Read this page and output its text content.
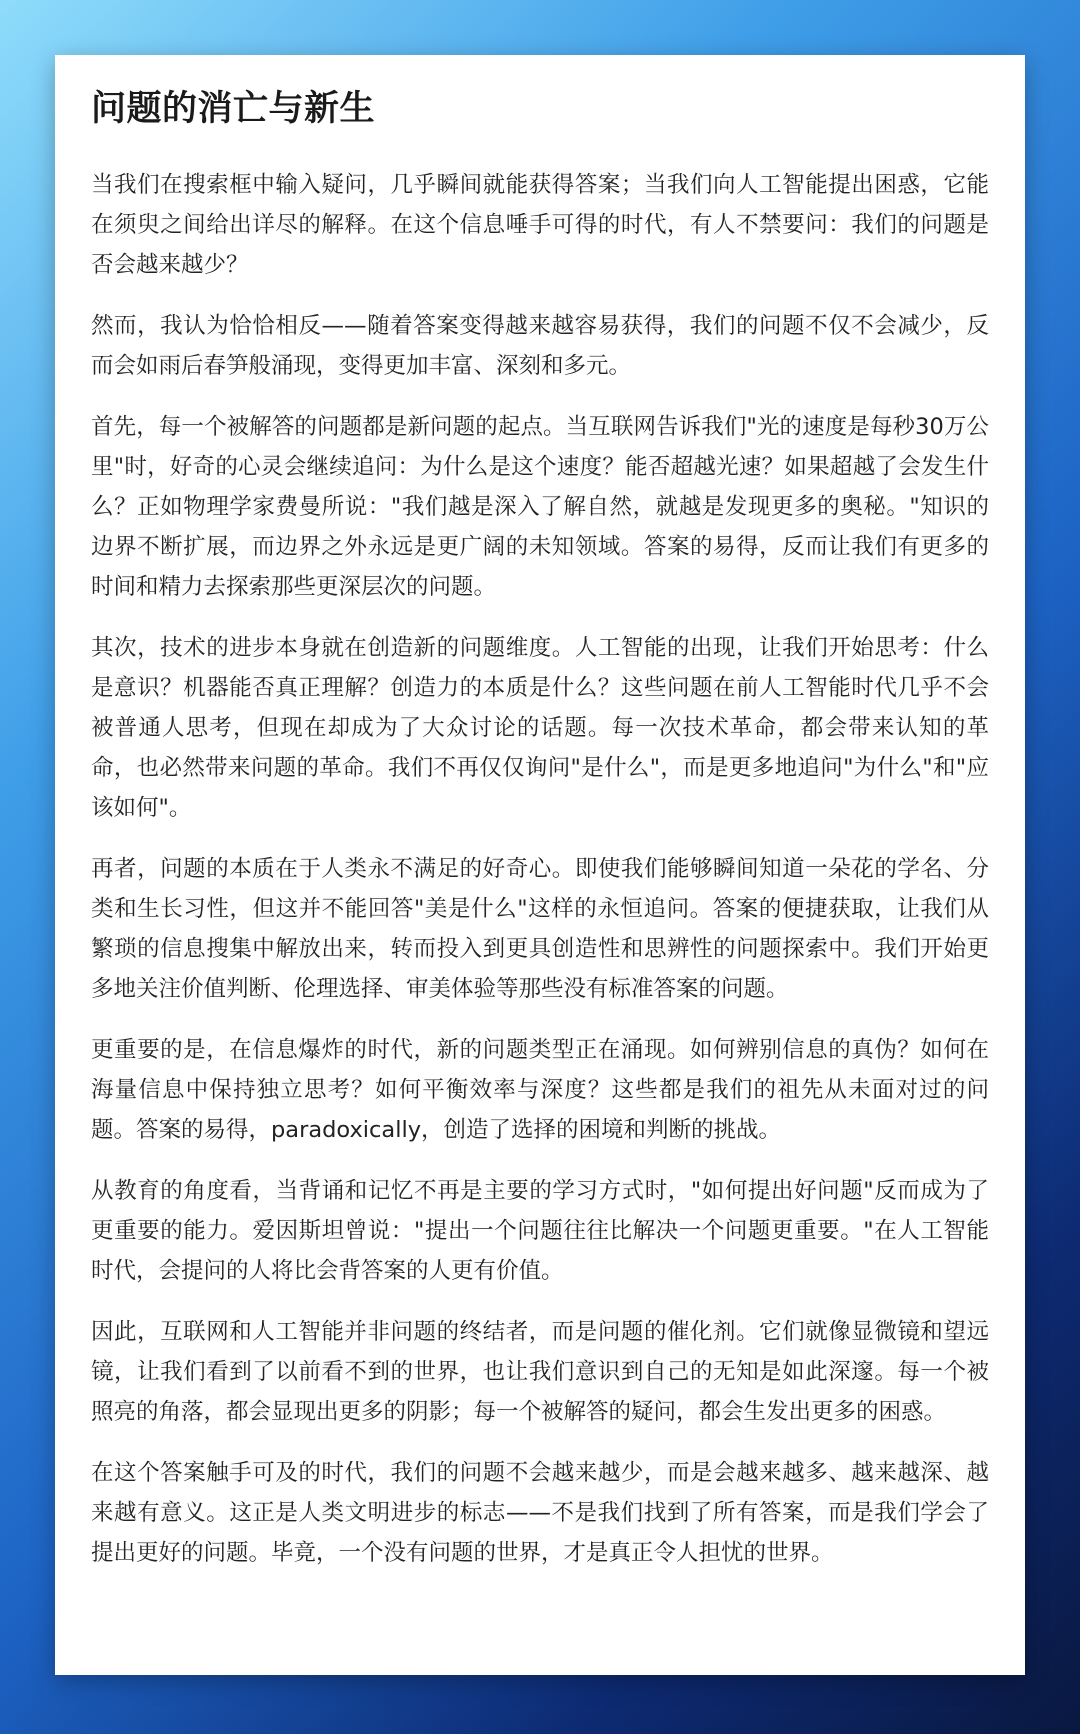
问题的消亡与新生

当我们在搜索框中输入疑问，几乎瞬间就能获得答案；当我们向人工智能提出困惑，它能在须臾之间给出详尽的解释。在这个信息唾手可得的时代，有人不禁要问：我们的问题是否会越来越少？

然而，我认为恰恰相反——随着答案变得越来越容易获得，我们的问题不仅不会减少，反而会如雨后春笋般涌现，变得更加丰富、深刻和多元。

首先，每一个被解答的问题都是新问题的起点。当互联网告诉我们"光的速度是每秒30万公里"时，好奇的心灵会继续追问：为什么是这个速度？能否超越光速？如果超越了会发生什么？正如物理学家费曼所说："我们越是深入了解自然，就越是发现更多的奥秘。"知识的边界不断扩展，而边界之外永远是更广阔的未知领域。答案的易得，反而让我们有更多的时间和精力去探索那些更深层次的问题。

其次，技术的进步本身就在创造新的问题维度。人工智能的出现，让我们开始思考：什么是意识？机器能否真正理解？创造力的本质是什么？这些问题在前人工智能时代几乎不会被普通人思考，但现在却成为了大众讨论的话题。每一次技术革命，都会带来认知的革命，也必然带来问题的革命。我们不再仅仅询问"是什么"，而是更多地追问"为什么"和"应该如何"。

再者，问题的本质在于人类永不满足的好奇心。即使我们能够瞬间知道一朵花的学名、分类和生长习性，但这并不能回答"美是什么"这样的永恒追问。答案的便捷获取，让我们从繁琐的信息搜集中解放出来，转而投入到更具创造性和思辨性的问题探索中。我们开始更多地关注价值判断、伦理选择、审美体验等那些没有标准答案的问题。

更重要的是，在信息爆炸的时代，新的问题类型正在涌现。如何辨别信息的真伪？如何在海量信息中保持独立思考？如何平衡效率与深度？这些都是我们的祖先从未面对过的问题。答案的易得，paradoxically，创造了选择的困境和判断的挑战。

从教育的角度看，当背诵和记忆不再是主要的学习方式时，"如何提出好问题"反而成为了更重要的能力。爱因斯坦曾说："提出一个问题往往比解决一个问题更重要。"在人工智能时代，会提问的人将比会背答案的人更有价值。

因此，互联网和人工智能并非问题的终结者，而是问题的催化剂。它们就像显微镜和望远镜，让我们看到了以前看不到的世界，也让我们意识到自己的无知是如此深邃。每一个被照亮的角落，都会显现出更多的阴影；每一个被解答的疑问，都会生发出更多的困惑。

在这个答案触手可及的时代，我们的问题不会越来越少，而是会越来越多、越来越深、越来越有意义。这正是人类文明进步的标志——不是我们找到了所有答案，而是我们学会了提出更好的问题。毕竟，一个没有问题的世界，才是真正令人担忧的世界。
